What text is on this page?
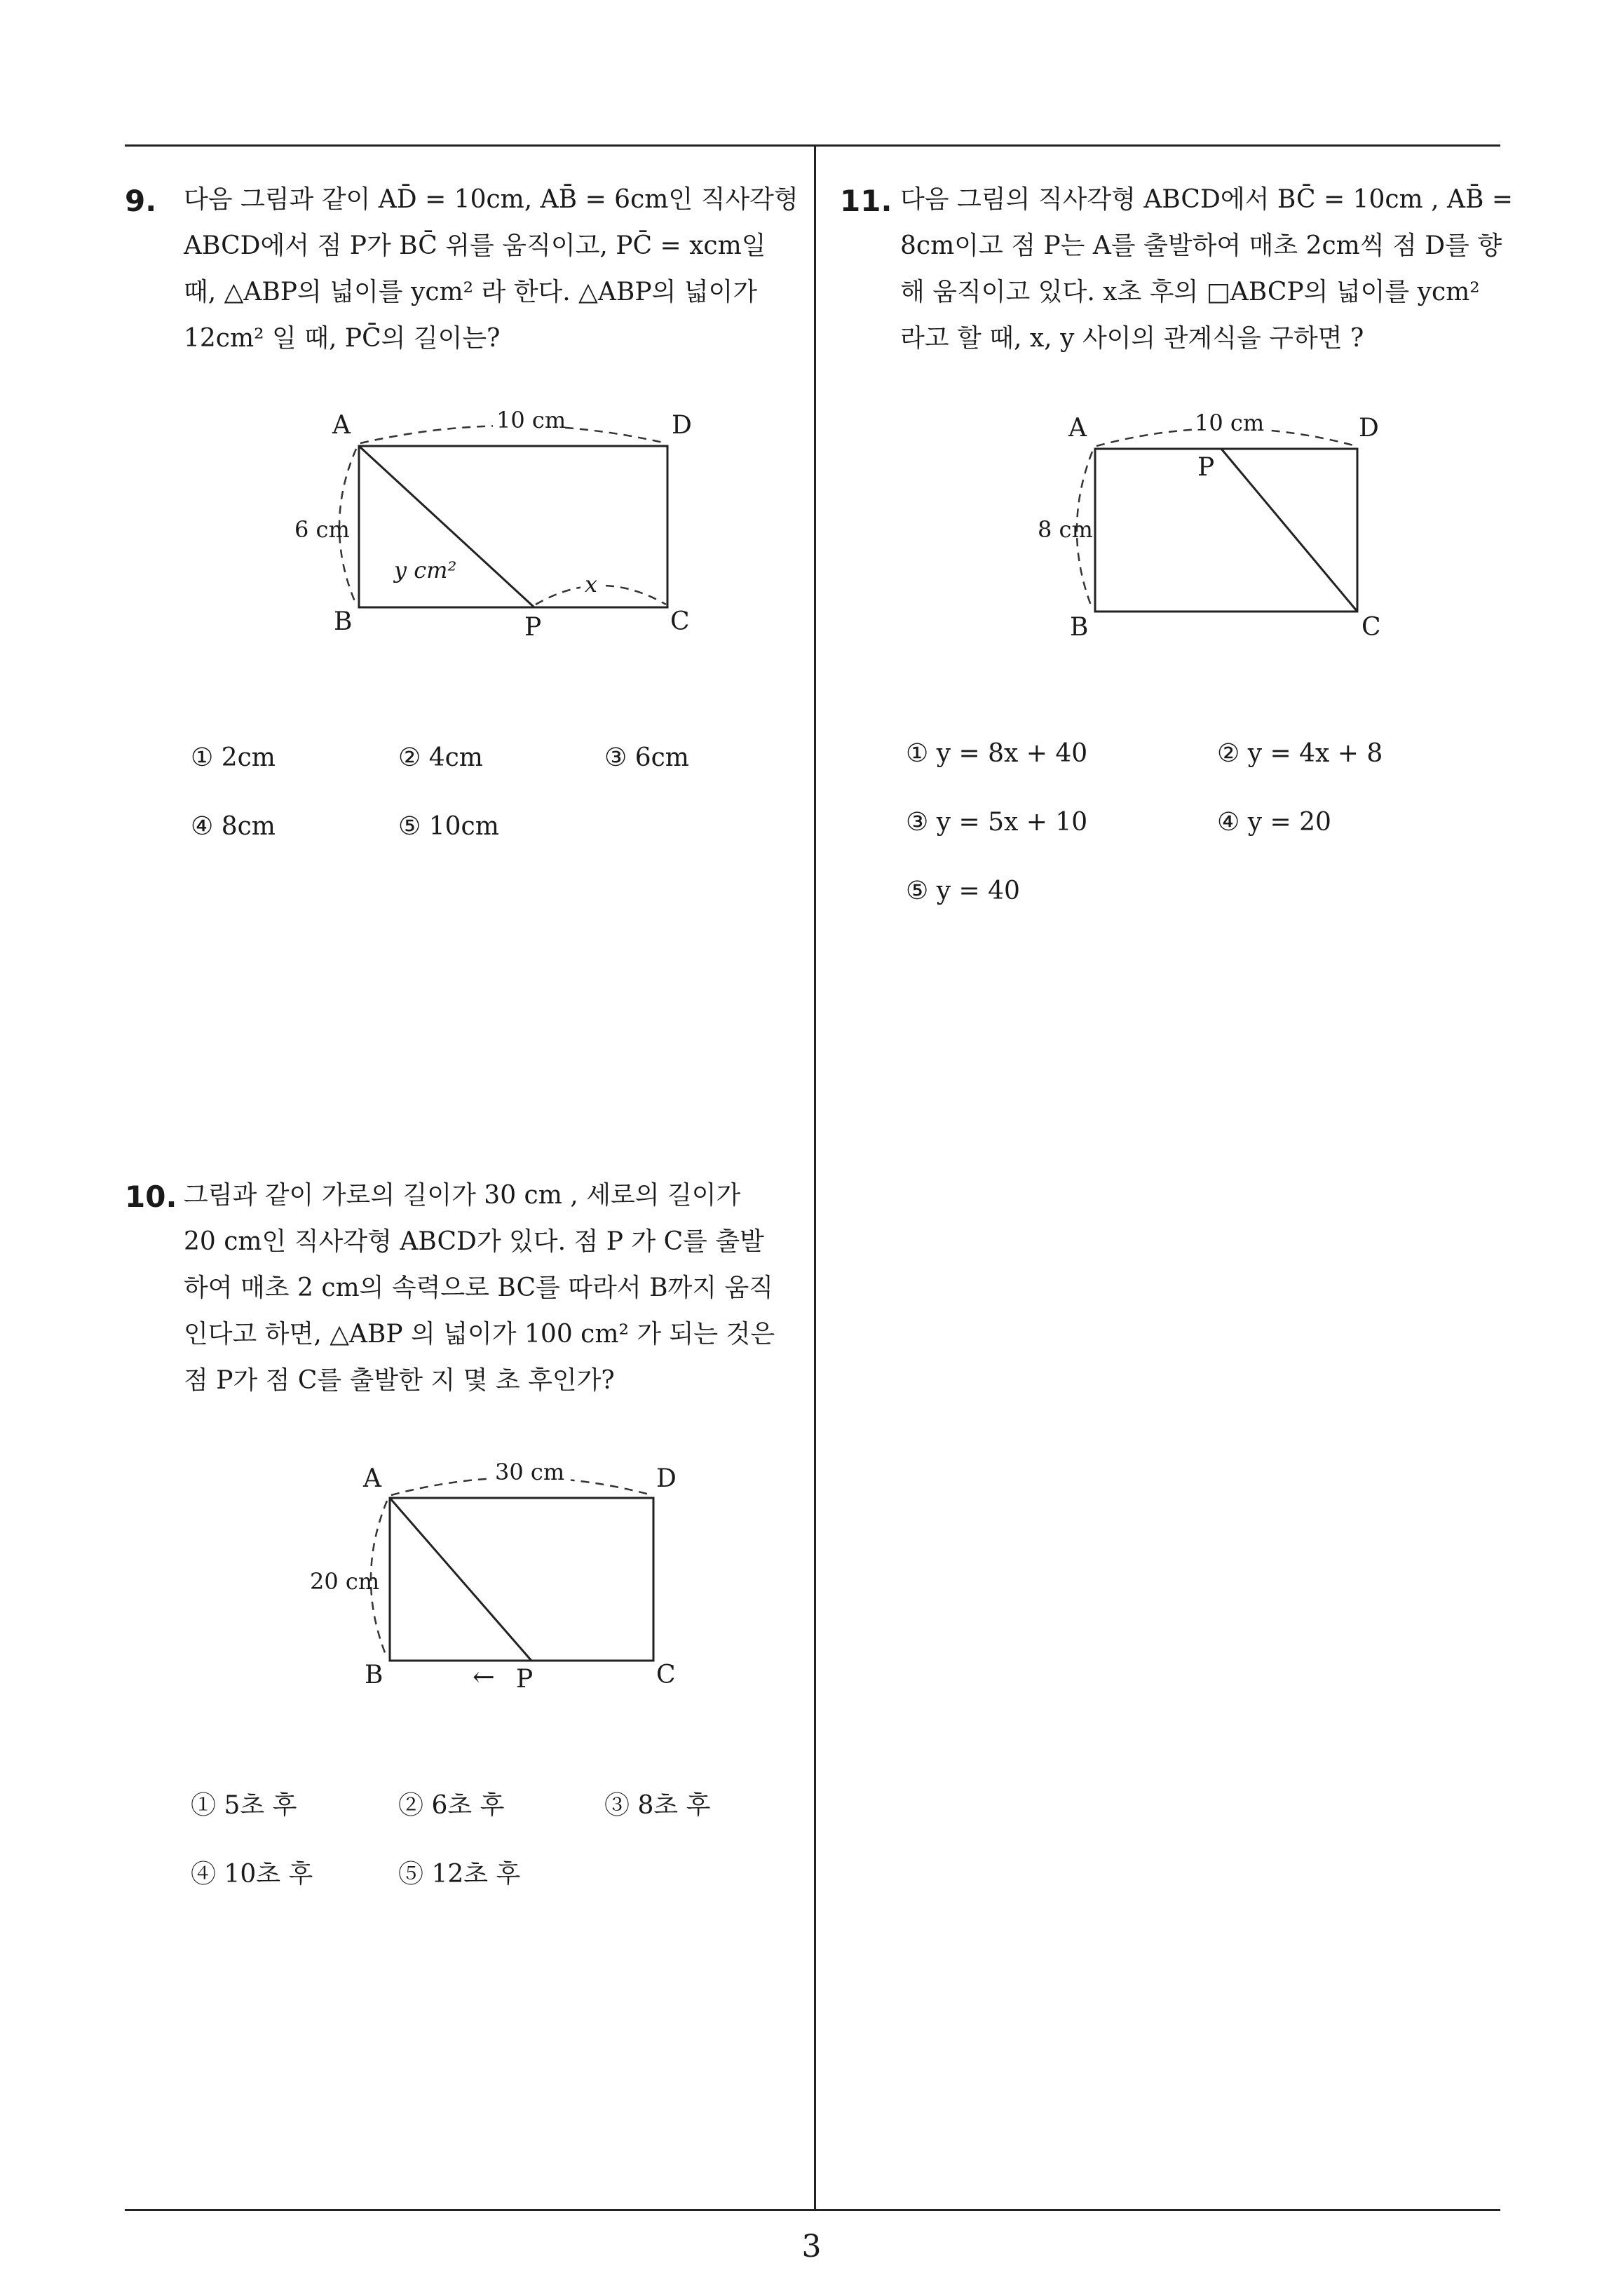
9. 다음 그림과 같이 AD̄ = 10cm, AB̄ = 6cm인 직사각형

ABCD에서 점 P가 BC̄ 위를 움직이고, PC̄ = xcm일

때, △ABP의 넓이를 ycm² 라 한다. △ABP의 넓이가

12cm² 일 때, PC̄의 길이는?

A	D
B	C
P
10 cm
6 cm
y cm²
x
① 2cm	② 4cm	③ 6cm
④ 8cm	⑤ 10cm
10. 그림과 같이 가로의 길이가 30 cm , 세로의 길이가

20 cm인 직사각형 ABCD가 있다. 점 P 가 C를 출발

하여 매초 2 cm의 속력으로 BC를 따라서 B까지 움직

인다고 하면, △ABP 의 넓이가 100 cm² 가 되는 것은

점 P가 점 C를 출발한 지 몇 초 후인가?

A	D
B	C
P
←
30 cm
20 cm
① 5초 후	② 6초 후	③ 8초 후
④ 10초 후	⑤ 12초 후
11. 다음 그림의 직사각형 ABCD에서 BC̄ = 10cm , AB̄ =

8cm이고 점 P는 A를 출발하여 매초 2cm씩 점 D를 향

해 움직이고 있다. x초 후의 □ABCP의 넓이를 ycm²

라고 할 때, x, y 사이의 관계식을 구하면 ?

A	D
B	C
P
10 cm
8 cm
① y = 8x + 40	② y = 4x + 8
③ y = 5x + 10	④ y = 20
⑤ y = 40
3
